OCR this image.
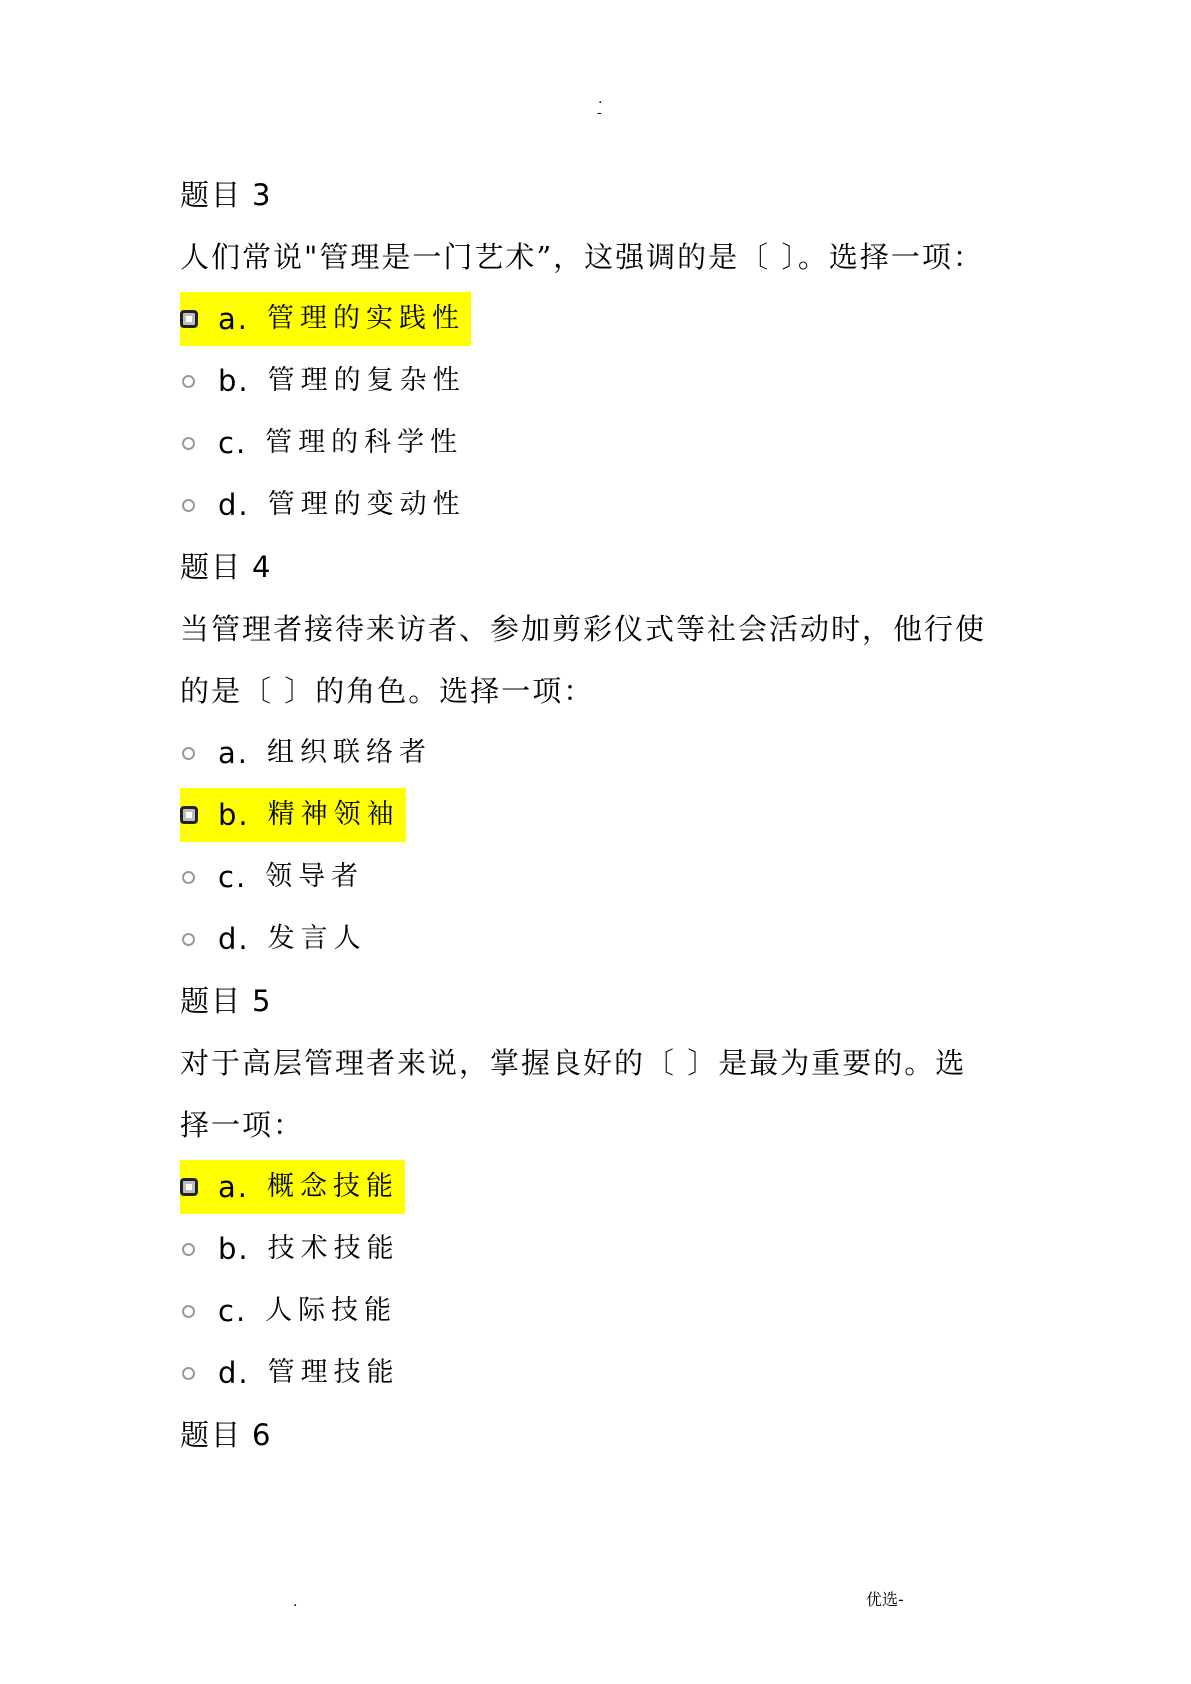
.
-
题目 3
人们常说"管理是一门艺术”，这强调的是〔 〕。选择一项：
a. 管理的实践性
b. 管理的复杂性
c. 管理的科学性
d. 管理的变动性
题目 4
当管理者接待来访者、参加剪彩仪式等社会活动时，他行使
的是〔 〕的角色。选择一项：
a. 组织联络者
b. 精神领袖
c. 领导者
d. 发言人
题目 5
对于高层管理者来说，掌握良好的〔 〕是最为重要的。选
择一项：
a. 概念技能
b. 技术技能
c. 人际技能
d. 管理技能
题目 6
.	优选-
